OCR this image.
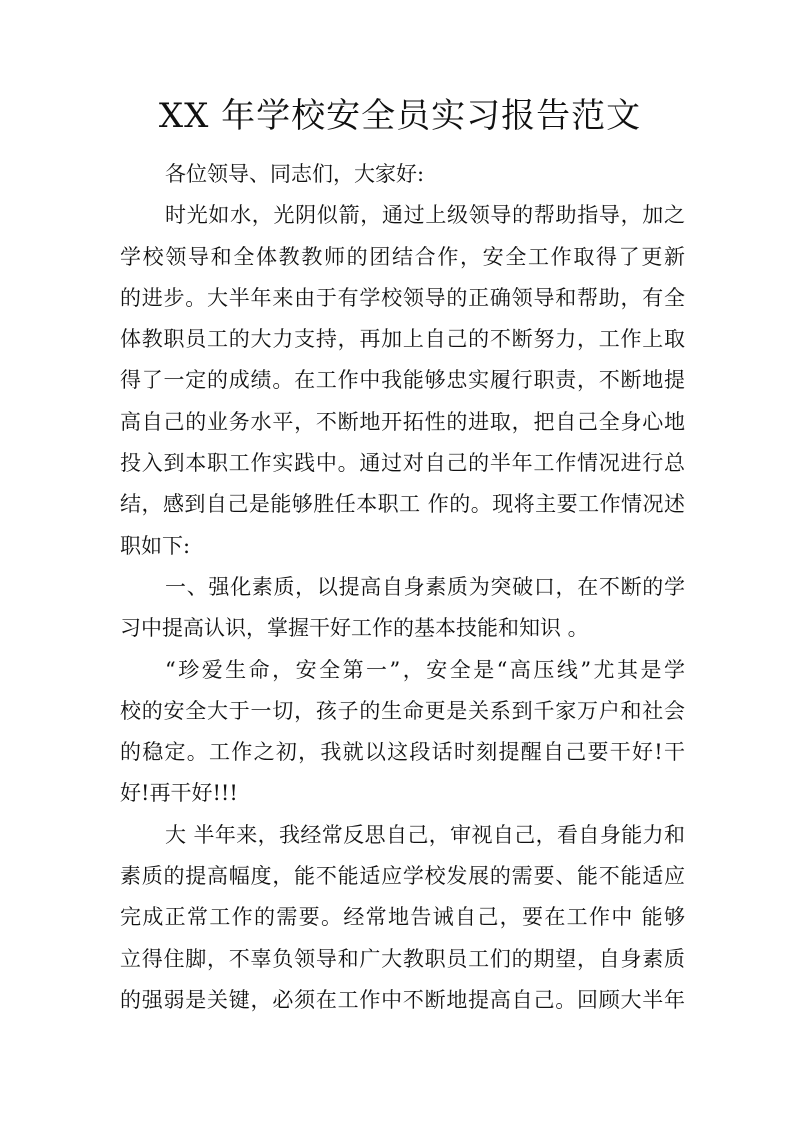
XX 年学校安全员实习报告范文
各位领导、同志们，大家好:
时光如水，光阴似箭，通过上级领导的帮助指导，加之
学校领导和全体教教师的团结合作，安全工作取得了更新
的进步。大半年来由于有学校领导的正确领导和帮助，有全
体教职员工的大力支持，再加上自己的不断努力，工作上取
得了一定的成绩。在工作中我能够忠实履行职责，不断地提
高自己的业务水平，不断地开拓性的进取，把自己全身心地
投入到本职工作实践中。通过对自己的半年工作情况进行总
结，感到自己是能够胜任本职工 作的。现将主要工作情况述
职如下:
一、强化素质，以提高自身素质为突破口，在不断的学
习中提高认识，掌握干好工作的基本技能和知识 。
“珍爱生命，安全第一”，安全是“高压线”尤其是学
校的安全大于一切，孩子的生命更是关系到千家万户和社会
的稳定。工作之初，我就以这段话时刻提醒自己要干好!干
好!再干好!!!
大 半年来，我经常反思自己，审视自己，看自身能力和
素质的提高幅度，能不能适应学校发展的需要、能不能适应
完成正常工作的需要。经常地告诫自己，要在工作中 能够
立得住脚，不辜负领导和广大教职员工们的期望，自身素质
的强弱是关键，必须在工作中不断地提高自己。回顾大半年
